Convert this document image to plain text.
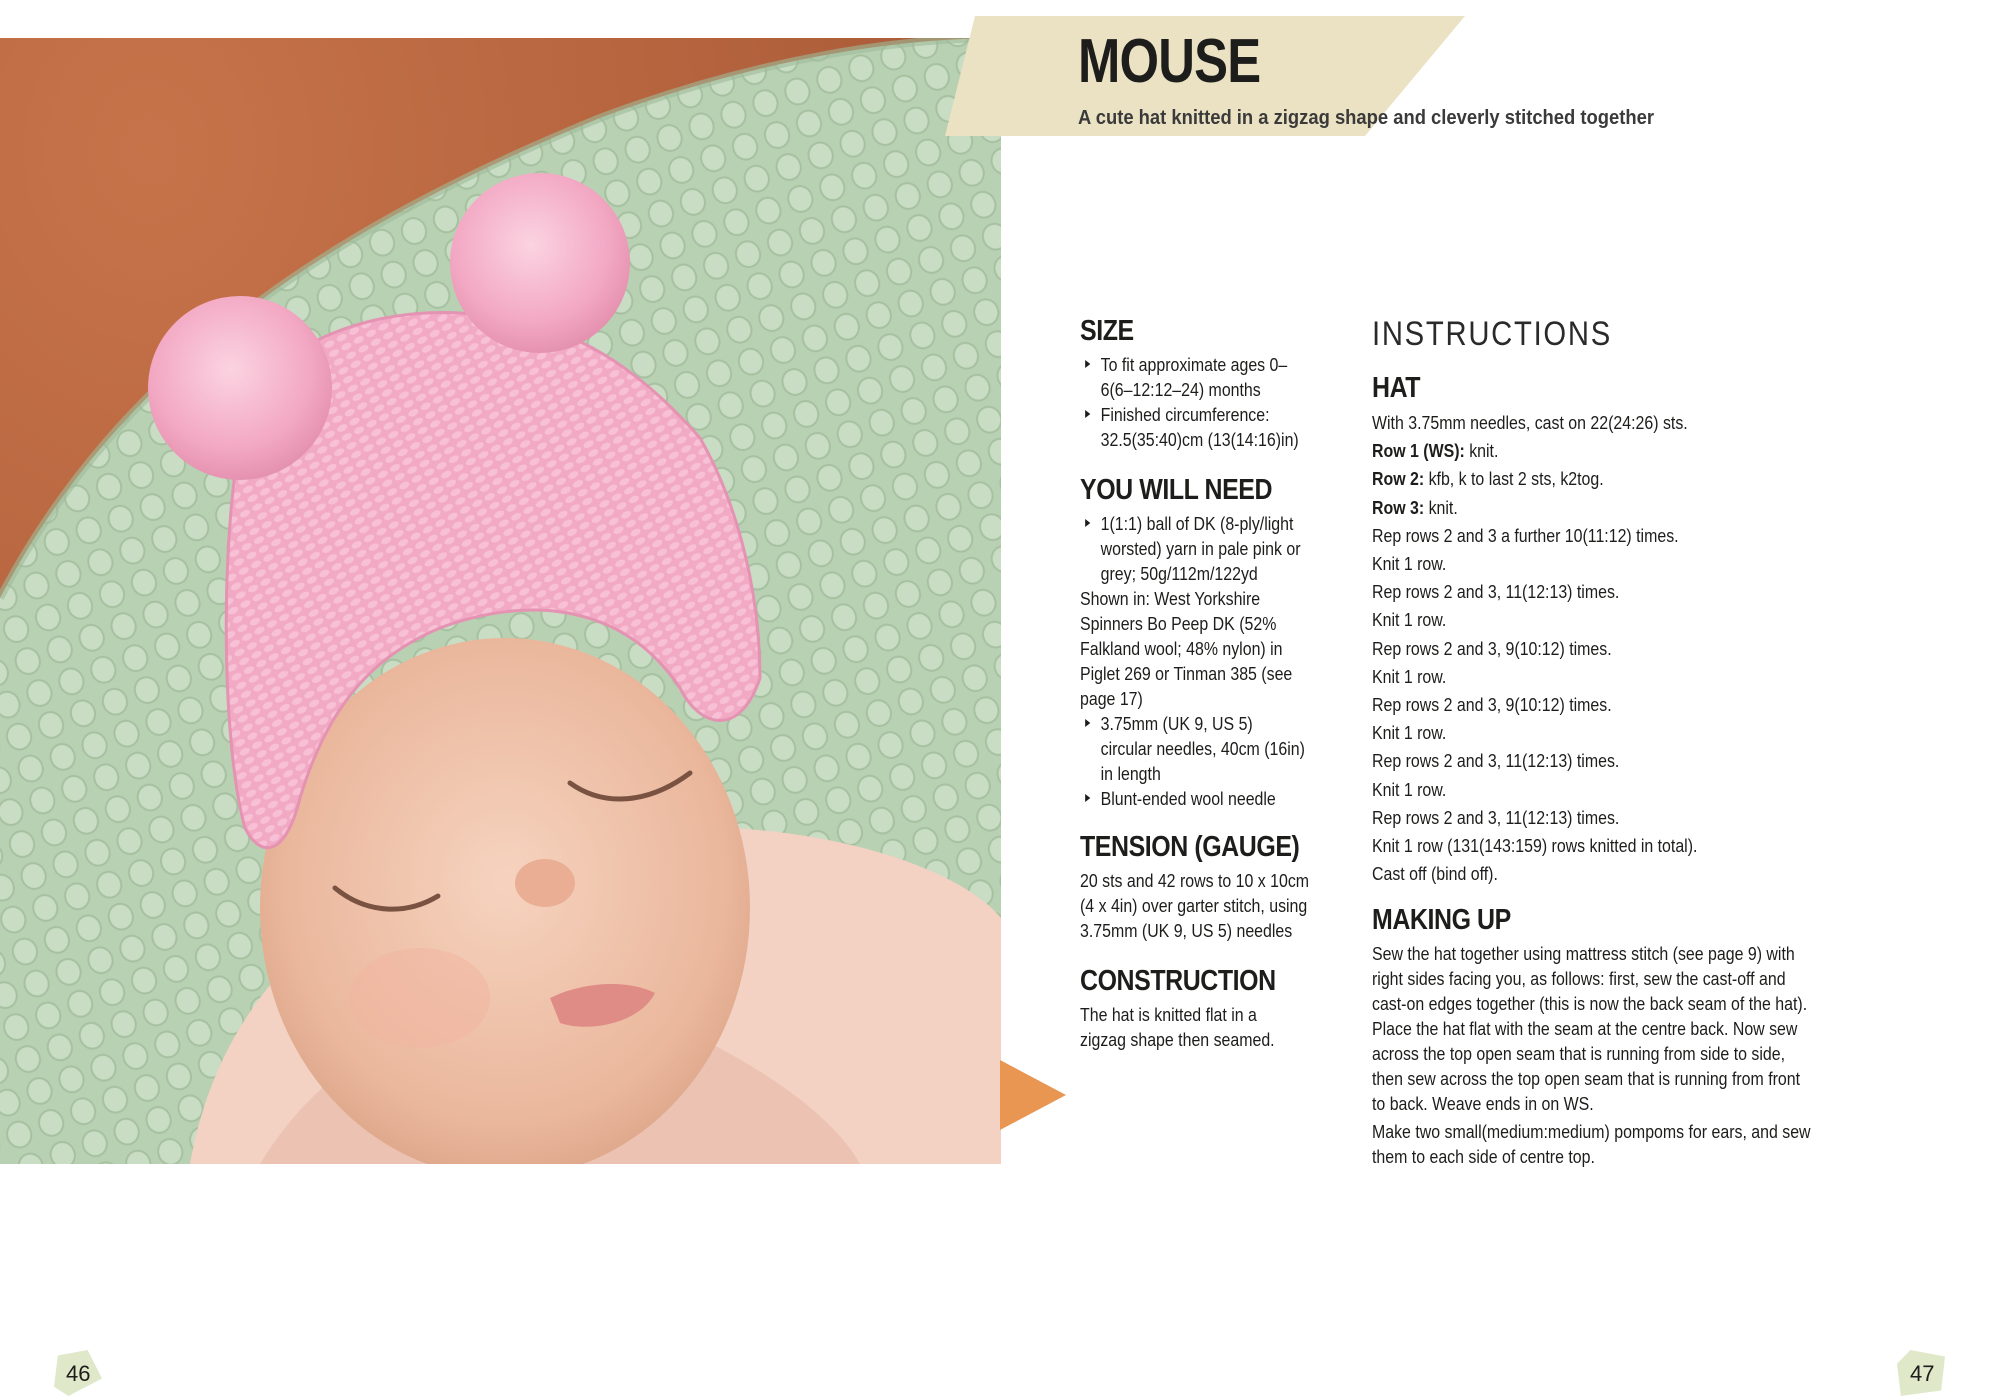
MOUSE

A cute hat knitted in a zigzag shape and cleverly stitched together

SIZE
To fit approximate ages 0–6(6–12:12–24) months
Finished circumference: 32.5(35:40)cm (13(14:16)in)
YOU WILL NEED
1(1:1) ball of DK (8-ply/light worsted) yarn in pale pink or grey; 50g/112m/122yd

Shown in: West Yorkshire Spinners Bo Peep DK (52% Falkland wool; 48% nylon) in Piglet 269 or Tinman 385 (see page 17)

3.75mm (UK 9, US 5) circular needles, 40cm (16in) in length
Blunt-ended wool needle
TENSION (GAUGE)

20 sts and 42 rows to 10 x 10cm (4 x 4in) over garter stitch, using 3.75mm (UK 9, US 5) needles

CONSTRUCTION

The hat is knitted flat in a zigzag shape then seamed.

INSTRUCTIONS
HAT

With 3.75mm needles, cast on 22(24:26) sts.

Row 1 (WS): knit.

Row 2: kfb, k to last 2 sts, k2tog.

Row 3: knit.

Rep rows 2 and 3 a further 10(11:12) times.

Knit 1 row.

Rep rows 2 and 3, 11(12:13) times.

Knit 1 row.

Rep rows 2 and 3, 9(10:12) times.

Knit 1 row.

Rep rows 2 and 3, 9(10:12) times.

Knit 1 row.

Rep rows 2 and 3, 11(12:13) times.

Knit 1 row.

Rep rows 2 and 3, 11(12:13) times.

Knit 1 row (131(143:159) rows knitted in total).

Cast off (bind off).

MAKING UP

Sew the hat together using mattress stitch (see page 9) with right sides facing you, as follows: first, sew the cast-off and cast-on edges together (this is now the back seam of the hat). Place the hat flat with the seam at the centre back. Now sew across the top open seam that is running from side to side, then sew across the top open seam that is running from front to back. Weave ends in on WS.

Make two small(medium:medium) pompoms for ears, and sew them to each side of centre top.

46	47
